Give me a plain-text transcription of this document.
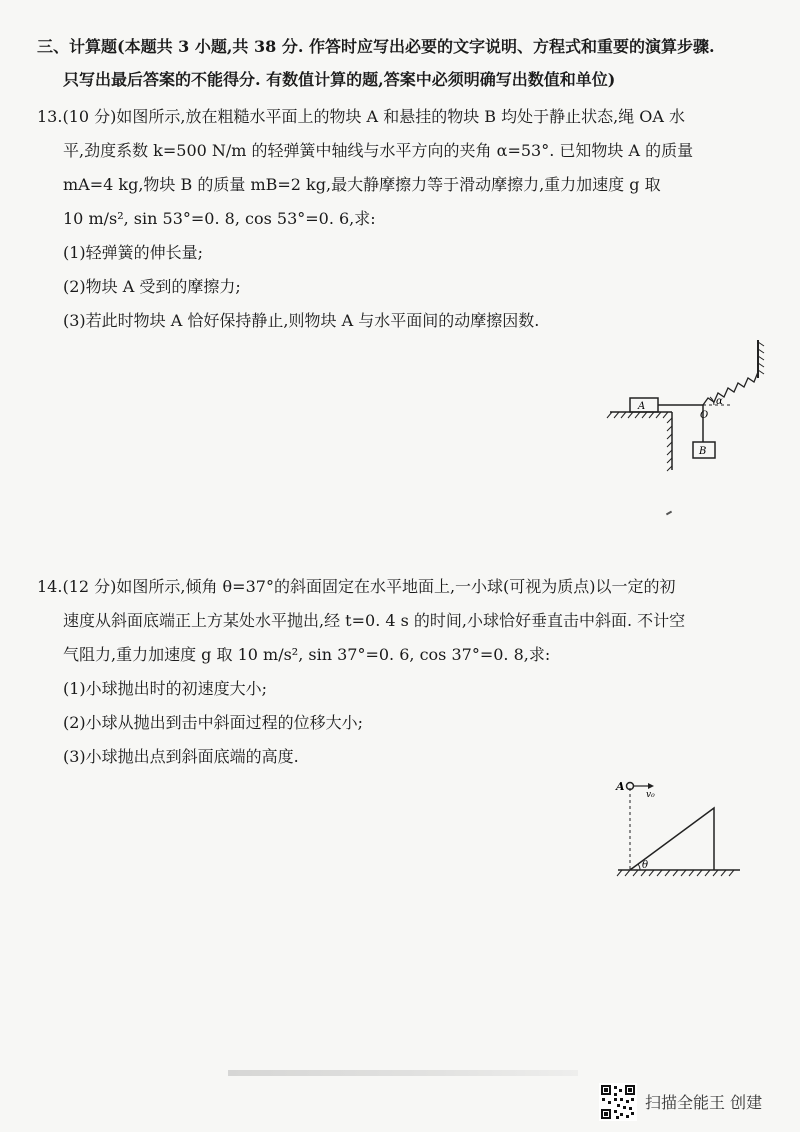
三、计算题(本题共 3 小题,共 38 分. 作答时应写出必要的文字说明、方程式和重要的演算步骤.
只写出最后答案的不能得分. 有数值计算的题,答案中必须明确写出数值和单位)
13.(10 分)如图所示,放在粗糙水平面上的物块 A 和悬挂的物块 B 均处于静止状态,绳 OA 水
平,劲度系数 k=500 N/m 的轻弹簧中轴线与水平方向的夹角 α=53°. 已知物块 A 的质量
mA=4 kg,物块 B 的质量 mB=2 kg,最大静摩擦力等于滑动摩擦力,重力加速度 g 取
10 m/s², sin 53°=0. 8, cos 53°=0. 6,求:
(1)轻弹簧的伸长量;
(2)物块 A 受到的摩擦力;
(3)若此时物块 A 恰好保持静止,则物块 A 与水平面间的动摩擦因数.
A
B
O
α
14.(12 分)如图所示,倾角 θ=37°的斜面固定在水平地面上,一小球(可视为质点)以一定的初
速度从斜面底端正上方某处水平抛出,经 t=0. 4 s 的时间,小球恰好垂直击中斜面. 不计空
气阻力,重力加速度 g 取 10 m/s², sin 37°=0. 6, cos 37°=0. 8,求:
(1)小球抛出时的初速度大小;
(2)小球从抛出到击中斜面过程的位移大小;
(3)小球抛出点到斜面底端的高度.
A
v₀
θ
扫描全能王 创建
